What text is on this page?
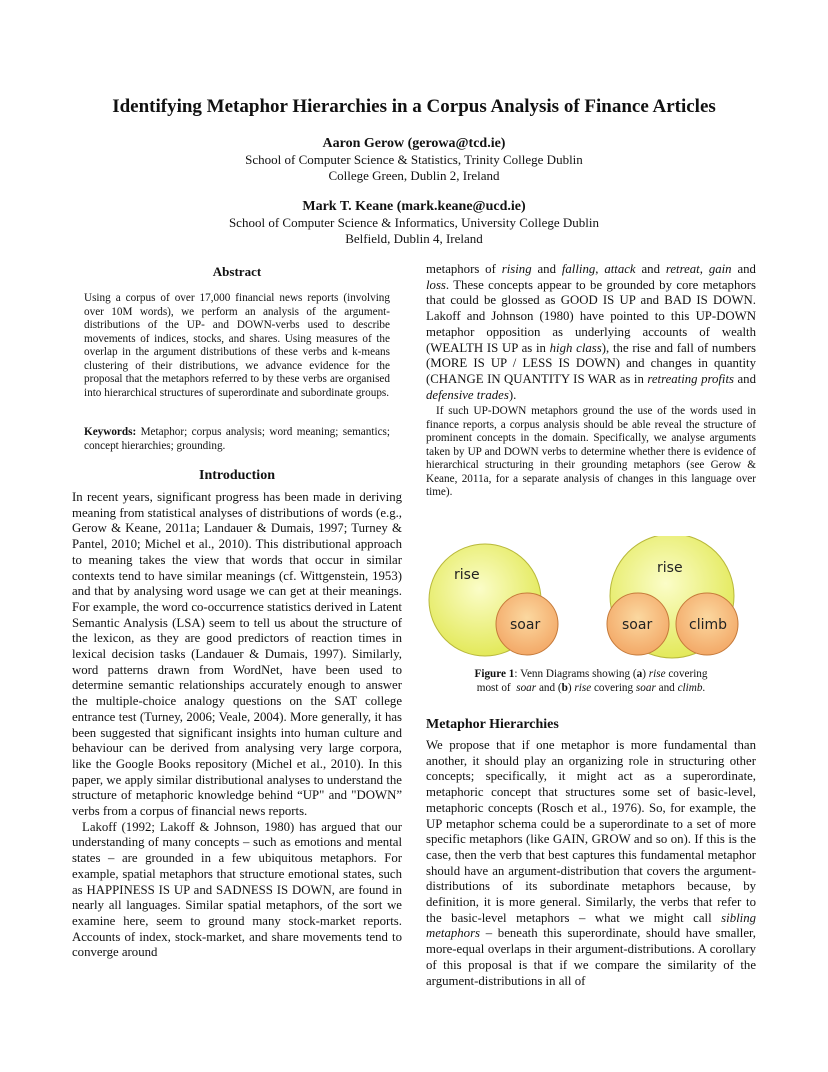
Identifying Metaphor Hierarchies in a Corpus Analysis of Finance Articles
Aaron Gerow (gerowa@tcd.ie)
School of Computer Science & Statistics, Trinity College Dublin
College Green, Dublin 2, Ireland
Mark T. Keane (mark.keane@ucd.ie)
School of Computer Science & Informatics, University College Dublin
Belfield, Dublin 4, Ireland
Abstract
Using a corpus of over 17,000 financial news reports (involving over 10M words), we perform an analysis of the argument-distributions of the UP- and DOWN-verbs used to describe movements of indices, stocks, and shares. Using measures of the overlap in the argument distributions of these verbs and k-means clustering of their distributions, we advance evidence for the proposal that the metaphors referred to by these verbs are organised into hierarchical structures of superordinate and subordinate groups.
Keywords: Metaphor; corpus analysis; word meaning; semantics; concept hierarchies; grounding.
Introduction

In recent years, significant progress has been made in deriving meaning from statistical analyses of distributions of words (e.g., Gerow & Keane, 2011a; Landauer & Dumais, 1997; Turney & Pantel, 2010; Michel et al., 2010). This distributional approach to meaning takes the view that words that occur in similar contexts tend to have similar meanings (cf. Wittgenstein, 1953) and that by analysing word usage we can get at their meanings. For example, the word co-occurrence statistics derived in Latent Semantic Analysis (LSA) seem to tell us about the structure of the lexicon, as they are good predictors of reaction times in lexical decision tasks (Landauer & Dumais, 1997). Similarly, word patterns drawn from WordNet, have been used to determine semantic relationships accurately enough to answer the multiple-choice analogy questions on the SAT college entrance test (Turney, 2006; Veale, 2004). More generally, it has been suggested that significant insights into human culture and behaviour can be derived from analysing very large corpora, like the Google Books repository (Michel et al., 2010). In this paper, we apply similar distributional analyses to understand the structure of metaphoric knowledge behind “UP" and "DOWN” verbs from a corpus of financial news reports.

Lakoff (1992; Lakoff & Johnson, 1980) has argued that our understanding of many concepts – such as emotions and mental states – are grounded in a few ubiquitous metaphors. For example, spatial metaphors that structure emotional states, such as HAPPINESS IS UP and SADNESS IS DOWN, are found in nearly all languages. Similar spatial metaphors, of the sort we examine here, seem to ground many stock-market reports. Accounts of index, stock-market, and share movements tend to converge around

metaphors of rising and falling, attack and retreat, gain and loss. These concepts appear to be grounded by core metaphors that could be glossed as GOOD IS UP and BAD IS DOWN. Lakoff and Johnson (1980) have pointed to this UP-DOWN metaphor opposition as underlying accounts of wealth (WEALTH IS UP as in high class), the rise and fall of numbers (MORE IS UP / LESS IS DOWN) and changes in quantity (CHANGE IN QUANTITY IS WAR as in retreating profits and defensive trades).

If such UP-DOWN metaphors ground the use of the words used in finance reports, a corpus analysis should be able reveal the structure of prominent concepts in the domain. Specifically, we analyse arguments taken by UP and DOWN verbs to determine whether there is evidence of hierarchical structuring in their grounding metaphors (see Gerow & Keane, 2011a, for a separate analysis of changes in this language over time).

rise
soar
rise
soar	climb
Figure 1: Venn Diagrams showing (a) rise covering
most of  soar and (b) rise covering soar and climb.
Metaphor Hierarchies

We propose that if one metaphor is more fundamental than another, it should play an organizing role in structuring other concepts; specifically, it might act as a superordinate, metaphoric concept that structures some set of basic-level, metaphoric concepts (Rosch et al., 1976). So, for example, the UP metaphor schema could be a superordinate to a set of more specific metaphors (like GAIN, GROW and so on). If this is the case, then the verb that best captures this fundamental metaphor should have an argument-distribution that covers the argument-distributions of its subordinate metaphors because, by definition, it is more general. Similarly, the verbs that refer to the basic-level metaphors – what we might call sibling metaphors – beneath this superordinate, should have smaller, more-equal overlaps in their argument-distributions. A corollary of this proposal is that if we compare the similarity of the argument-distributions in all of
